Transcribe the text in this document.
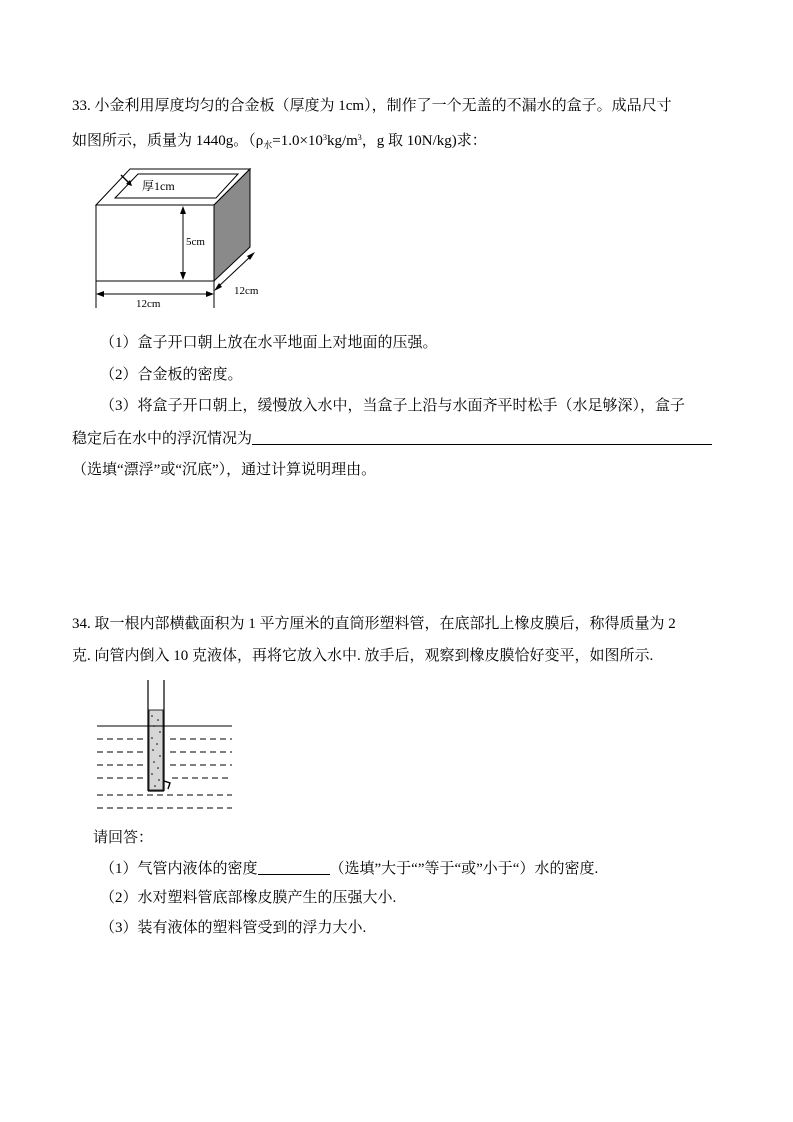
33. 小金利用厚度均匀的合金板（厚度为 1cm），制作了一个无盖的不漏水的盒子。成品尺寸
如图所示，质量为 1440g。（$\rho_水=1.0\times 10^3kg/m^3$，g 取 10N/kg)求：
厚1cm
5cm
12cm
12cm
（1）盒子开口朝上放在水平地面上对地面的压强。
（2）合金板的密度。
（3）将盒子开口朝上，缓慢放入水中，当盒子上沿与水面齐平时松手（水足够深），盒子
稳定后在水中的浮沉情况为
（选填“漂浮”或“沉底”），通过计算说明理由。
34. 取一根内部横截面积为 1 平方厘米的直筒形塑料管，在底部扎上橡皮膜后，称得质量为 2
克. 向管内倒入 10 克液体，再将它放入水中. 放手后，观察到橡皮膜恰好变平，如图所示.
请回答：
（1）气管内液体的密度	（选填”大于“”等于“或”小于“）水的密度.
（2）水对塑料管底部橡皮膜产生的压强大小.
（3）装有液体的塑料管受到的浮力大小.
